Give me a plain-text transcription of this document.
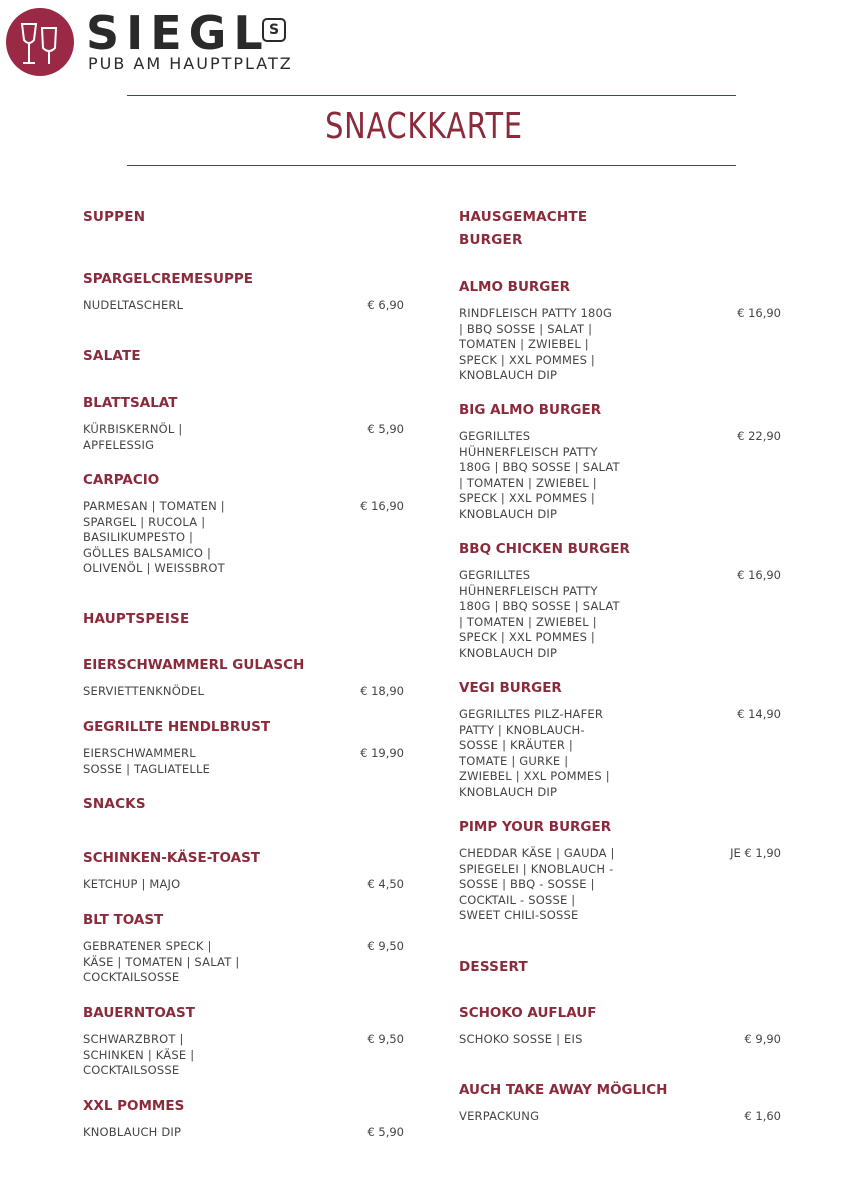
SIEGL S
PUB AM HAUPTPLATZ
SNACKKARTE
SUPPEN
SPARGELCREMESUPPE
NUDELTASCHERL	€ 6,90
SALATE
BLATTSALAT
KÜRBISKERNÖL |
APFELESSIG
€ 5,90
CARPACIO
PARMESAN | TOMATEN |
SPARGEL | RUCOLA |
BASILIKUMPESTO |
GÖLLES BALSAMICO |
OLIVENÖL | WEISSBROT
€ 16,90
HAUPTSPEISE
EIERSCHWAMMERL GULASCH
SERVIETTENKNÖDEL	€ 18,90
GEGRILLTE HENDLBRUST
EIERSCHWAMMERL
SOSSE | TAGLIATELLE
€ 19,90
SNACKS
SCHINKEN-KÄSE-TOAST
KETCHUP | MAJO	€ 4,50
BLT TOAST
GEBRATENER SPECK |
KÄSE | TOMATEN | SALAT |
COCKTAILSOSSE
€ 9,50
BAUERNTOAST
SCHWARZBROT |
SCHINKEN | KÄSE |
COCKTAILSOSSE
€ 9,50
XXL POMMES
KNOBLAUCH DIP	€ 5,90
HAUSGEMACHTE
BURGER
ALMO BURGER
RINDFLEISCH PATTY 180G
| BBQ SOSSE | SALAT |
TOMATEN | ZWIEBEL |
SPECK | XXL POMMES |
KNOBLAUCH DIP
€ 16,90
BIG ALMO BURGER
GEGRILLTES
HÜHNERFLEISCH PATTY
180G | BBQ SOSSE | SALAT
| TOMATEN | ZWIEBEL |
SPECK | XXL POMMES |
KNOBLAUCH DIP
€ 22,90
BBQ CHICKEN BURGER
GEGRILLTES
HÜHNERFLEISCH PATTY
180G | BBQ SOSSE | SALAT
| TOMATEN | ZWIEBEL |
SPECK | XXL POMMES |
KNOBLAUCH DIP
€ 16,90
VEGI BURGER
GEGRILLTES PILZ-HAFER
PATTY | KNOBLAUCH-
SOSSE | KRÄUTER |
TOMATE | GURKE |
ZWIEBEL | XXL POMMES |
KNOBLAUCH DIP
€ 14,90
PIMP YOUR BURGER
CHEDDAR KÄSE | GAUDA |
SPIEGELEI | KNOBLAUCH -
SOSSE | BBQ - SOSSE |
COCKTAIL - SOSSE |
SWEET CHILI-SOSSE
JE € 1,90
DESSERT
SCHOKO AUFLAUF
SCHOKO SOSSE | EIS	€ 9,90
AUCH TAKE AWAY MÖGLICH
VERPACKUNG	€ 1,60
